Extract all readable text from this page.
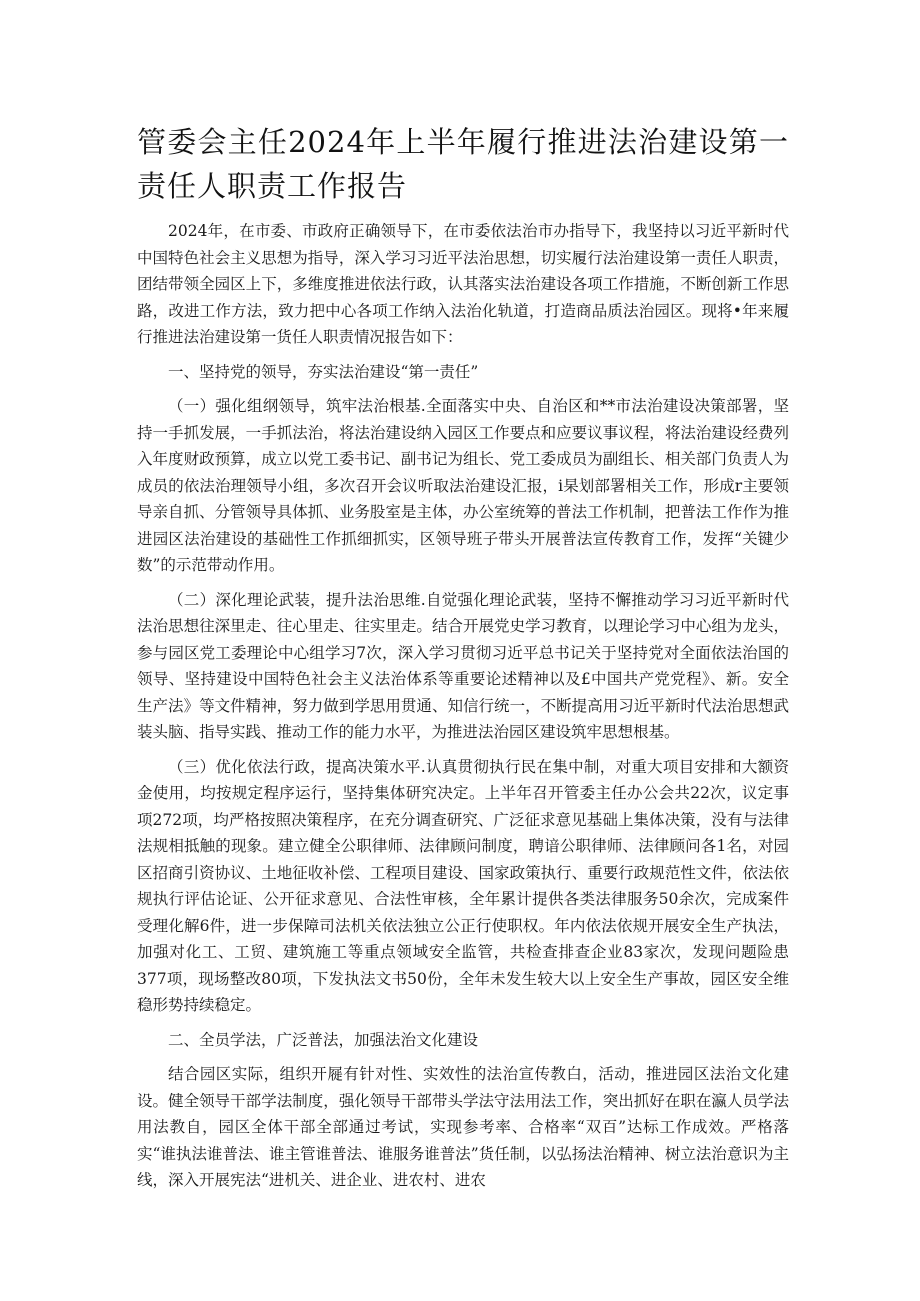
管委会主任2024年上半年履行推进法治建设第一责任人职责工作报告

2024年，在市委、市政府正确领导下，在市委依法治市办指导下，我坚持以习近平新时代中国特色社会主义思想为指导，深入学习习近平法治思想，切实履行法治建设第一责任人职责，团结带领全园区上下，多维度推进依法行政，认其落实法治建设各项工作措施，不断创新工作思路，改进工作方法，致力把中心各项工作纳入法治化轨道，打造商品质法治园区。现将•年来履行推进法治建设第一货任人职责情况报告如下：

一、坚持党的领导，夯实法治建设“第一责任”

（一）强化组纲领导，筑牢法治根基.全面落实中央、自治区和**市法治建设决策部署，坚持一手抓发展，一手抓法治，将法治建设纳入园区工作要点和应要议事议程，将法治建设经费列入年度财政预算，成立以党工委书记、副书记为组长、党工委成员为副组长、相关部门负责人为成员的依法治理领导小组，多次召开会议听取法治建设汇报，i杲划部署相关工作，形成r主要领导亲自抓、分管领导具体抓、业务股室是主体，办公室统筹的普法工作机制，把普法工作作为推进园区法治建设的基础性工作抓细抓实，区领导班子带头开展普法宣传教育工作，发挥“关键少数”的示范带动作用。

（二）深化理论武装，提升法治思维.自觉强化理论武装，坚持不懈推动学习习近平新时代法治思想往深里走、往心里走、往实里走。结合开展党史学习教育，以理论学习中心组为龙头，参与园区党工委理论中心组学习7次，深入学习贯彻习近平总书记关于坚持党对全面依法治国的领导、坚持建设中国特色社会主义法治体系等重要论述精神以及£中国共产党党程》、新。安全生产法》等文件精神，努力做到学思用贯通、知信行统一，不断提高用习近平新时代法治思想武装头脑、指导实践、推动工作的能力水平，为推进法治园区建设筑牢思想根基。

（三）优化依法行政，提高决策水平.认真贯彻执行民在集中制，对重大项目安排和大额资金使用，均按规定程序运行，坚持集体研究决定。上半年召开管委主任办公会共22次，议定事项272项，均严格按照决策程序，在充分调查研究、广泛征求意见基础上集体决策，没有与法律法规相抵触的现象。建立健全公职律师、法律顾问制度，聘谙公职律师、法律顾问各1名，对园区招商引资协议、土地征收补偿、工程项目建设、国家政策执行、重要行政规范性文件，依法依规执行评估论证、公开征求意见、合法性审核，全年累计提供各类法律服务50余次，完成案件受理化解6件，进一步保障司法机关依法独立公正行使职权。年内依法依规开展安全生产执法，加强对化工、工贸、建筑施工等重点领域安全监管，共检查排查企业83家次，发现问题险患377项，现场整改80项，下发执法文书50份，全年未发生较大以上安全生产事故，园区安全维稳形势持续稳定。

二、全员学法，广泛普法，加强法治文化建设

结合园区实际，组织开屣有针对性、实效性的法治宣传教白，活动，推进园区法治文化建设。健全领导干部学法制度，强化领导干部带头学法守法用法工作，突出抓好在职在瀛人员学法用法教自，园区全体干部全部通过考试，实现参考率、合格率“双百”达标工作成效。严格落实“谁执法谁普法、谁主管谁普法、谁服务谁普法”货任制，以弘扬法治精神、树立法治意识为主线，深入开展宪法“进机关、进企业、进农村、进农
